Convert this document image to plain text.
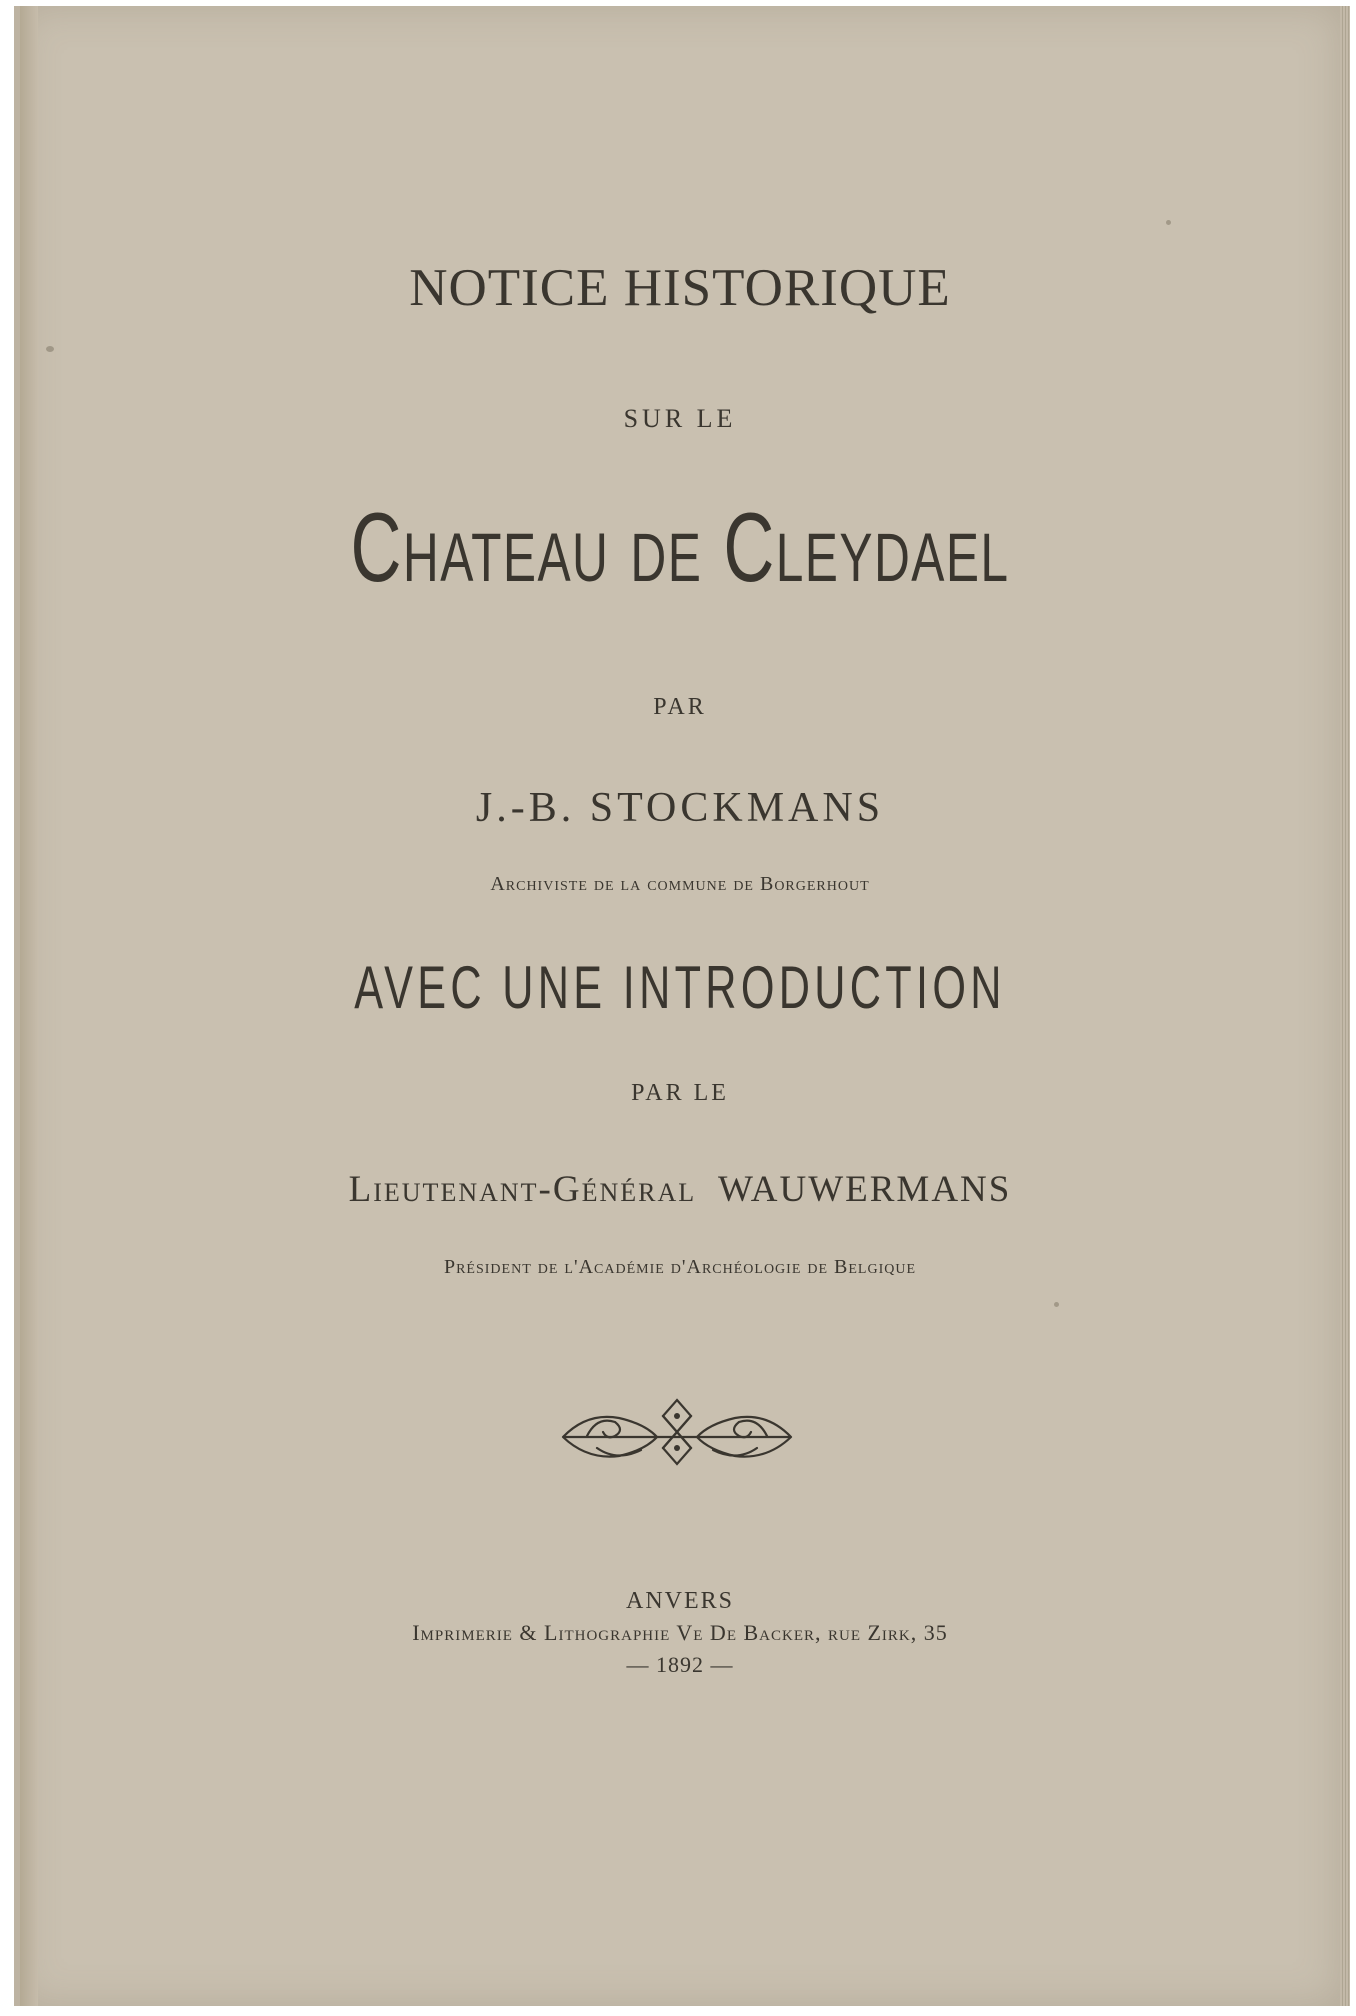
NOTICE HISTORIQUE
SUR LE
Chateau de Cleydael
PAR
J.-B. STOCKMANS
Archiviste de la commune de Borgerhout
AVEC UNE INTRODUCTION
PAR LE
Lieutenant-Général WAUWERMANS
Président de l'Académie d'Archéologie de Belgique
ANVERS
Imprimerie & Lithographie Ve De Backer, rue Zirk, 35
— 1892 —
